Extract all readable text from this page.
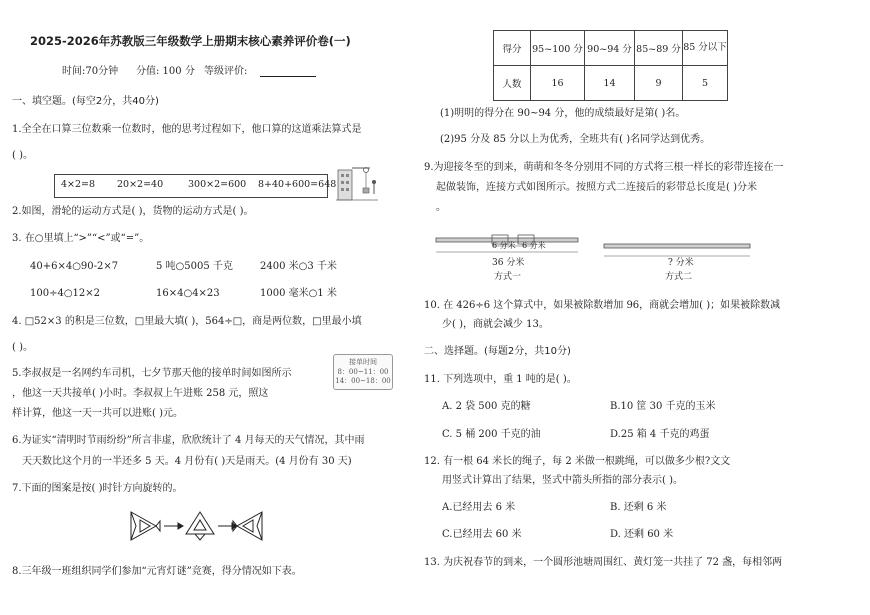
2025-2026年苏教版三年级数学上册期末核心素养评价卷(一)
时间:70分钟 分值: 100 分 等级评价:
一、填空题。(每空2分，共40分)
1.全全在口算三位数乘一位数时，他的思考过程如下，他口算的这道乘法算式是
( )。
4×2=8 20×2=40	300×2=600 8+40+600=648
2.如图，滑轮的运动方式是( )，货物的运动方式是( )。
3. 在○里填上“>”“<”或“=”。
40+6×4○90-2×7	5 吨○5005 千克	2400 米○3 千米
100÷4○12×2	16×4○4×23	1000 毫米○1 米
4. □52×3 的积是三位数，□里最大填( )，564÷□，商是两位数，□里最小填
( )。
5.李叔叔是一名网约车司机，七夕节那天他的接单时间如图所示
，他这一天共接单( )小时。李叔叔上午进账 258 元，照这
样计算，他这一天一共可以进账( )元。
接单时间
8：00~11：00
14：00~18：00
6.为证实“清明时节雨纷纷”所言非虚，欣欣统计了 4 月每天的天气情况，其中雨
天天数比这个月的一半还多 5 天。4 月份有( )天是雨天。(4 月份有 30 天)
7.下面的图案是按( )时针方向旋转的。
8.三年级一班组织同学们参加“元宵灯谜”竞赛，得分情况如下表。
得分	95~100 分	90~94 分	85~89 分	85 分以下
人数	16	14	9	5
(1)明明的得分在 90~94 分，他的成绩最好是第( )名。
(2)95 分及 85 分以上为优秀，全班共有( )名同学达到优秀。
9.为迎接冬至的到来，萌萌和冬冬分别用不同的方式将三根一样长的彩带连接在一
起做装饰，连接方式如图所示。按照方式二连接后的彩带总长度是( )分米
。
6 分米 6 分米
36 分米
方式一
? 分米
方式二
10. 在 426÷6 这个算式中，如果被除数增加 96，商就会增加( )；如果被除数减
少( )，商就会减少 13。
二、选择题。(每题2分，共10分)
11. 下列选项中，重 1 吨的是( )。
A. 2 袋 500 克的糖	B.10 筐 30 千克的玉米
C. 5 桶 200 千克的油	D.25 箱 4 千克的鸡蛋
12. 有一根 64 米长的绳子，每 2 米做一根跳绳，可以做多少根?文文
用竖式计算出了结果，竖式中箭头所指的部分表示( )。
A.已经用去 6 米	B. 还剩 6 米
C.已经用去 60 米	D. 还剩 60 米
13. 为庆祝春节的到来，一个圆形池塘周围红、黄灯笼一共挂了 72 盏，每相邻两
